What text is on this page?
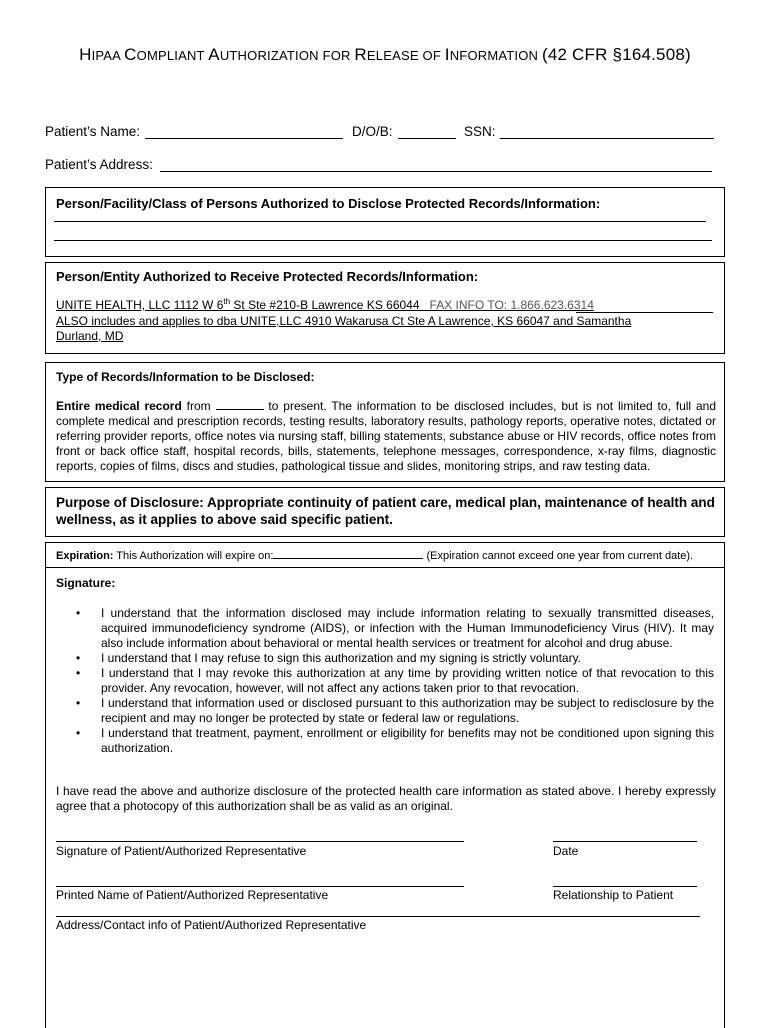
HIPAA COMPLIANT AUTHORIZATION FOR RELEASE OF INFORMATION (42 CFR §164.508)
Patient’s Name:	D/O/B:	SSN:
Patient’s Address:
Person/Facility/Class of Persons Authorized to Disclose Protected Records/Information:
Person/Entity Authorized to Receive Protected Records/Information:
UNITE HEALTH, LLC 1112 W 6th St Ste #210-B Lawrence KS 66044 FAX INFO TO: 1.866.623.6314
ALSO includes and applies to dba UNITE,LLC 4910 Wakarusa Ct Ste A Lawrence, KS 66047 and Samantha
Durland, MD
Type of Records/Information to be Disclosed:
Entire medical record from	to present. The information to be disclosed includes, but is not limited to, full and complete medical and prescription records, testing results, laboratory results, pathology reports, operative notes, dictated or referring provider reports, office notes via nursing staff, billing statements, substance abuse or HIV records, office notes from front or back office staff, hospital records, bills, statements, telephone messages, correspondence, x-ray films, diagnostic reports, copies of films, discs and studies, pathological tissue and slides, monitoring strips, and raw testing data.
Purpose of Disclosure: Appropriate continuity of patient care, medical plan, maintenance of health and wellness, as it applies to above said specific patient.
Expiration: This Authorization will expire on:	(Expiration cannot exceed one year from current date).
Signature:
• I understand that the information disclosed may include information relating to sexually transmitted diseases, acquired immunodeficiency syndrome (AIDS), or infection with the Human Immunodeficiency Virus (HIV). It may also include information about behavioral or mental health services or treatment for alcohol and drug abuse.
• I understand that I may refuse to sign this authorization and my signing is strictly voluntary.
• I understand that I may revoke this authorization at any time by providing written notice of that revocation to this provider. Any revocation, however, will not affect any actions taken prior to that revocation.
• I understand that information used or disclosed pursuant to this authorization may be subject to redisclosure by the recipient and may no longer be protected by state or federal law or regulations.
• I understand that treatment, payment, enrollment or eligibility for benefits may not be conditioned upon signing this authorization.
I have read the above and authorize disclosure of the protected health care information as stated above. I hereby expressly agree that a photocopy of this authorization shall be as valid as an original.
Signature of Patient/Authorized Representative	Date
Printed Name of Patient/Authorized Representative	Relationship to Patient
Address/Contact info of Patient/Authorized Representative
